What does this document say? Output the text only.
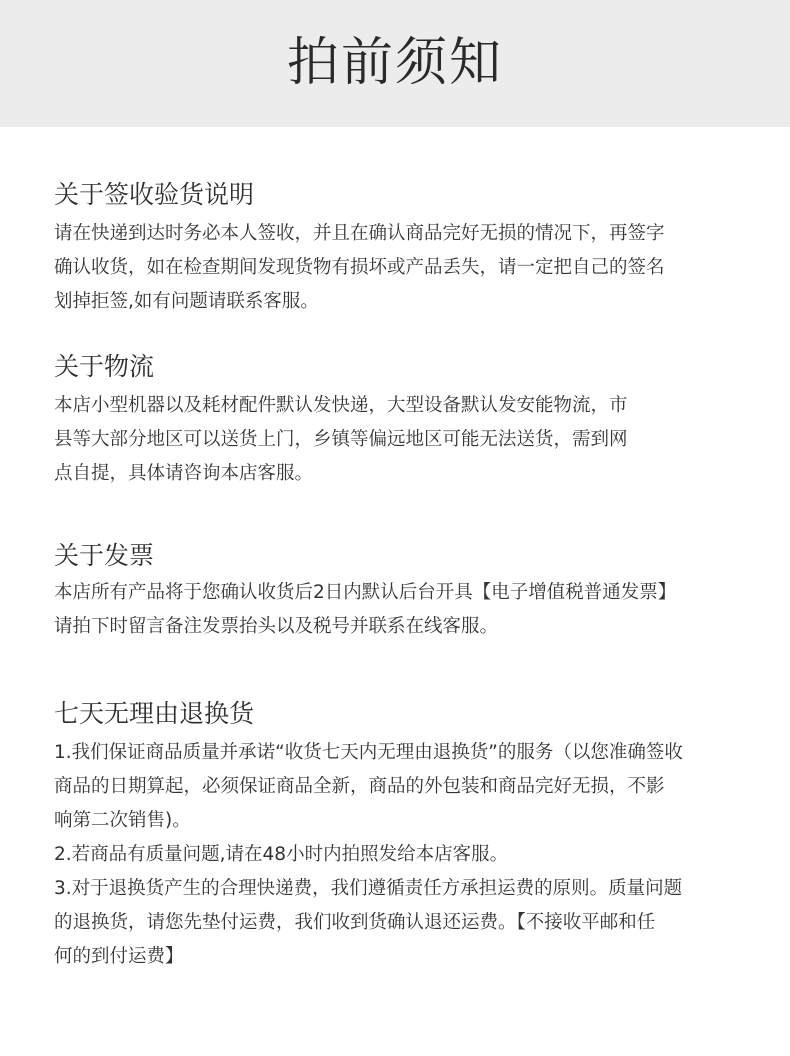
拍前须知
关于签收验货说明

请在快递到达时务必本人签收，并且在确认商品完好无损的情况下，再签字
确认收货，如在检查期间发现货物有损坏或产品丢失，请一定把自己的签名
划掉拒签,如有问题请联系客服。

关于物流

本店小型机器以及耗材配件默认发快递，大型设备默认发安能物流，市
县等大部分地区可以送货上门，乡镇等偏远地区可能无法送货，需到网
点自提，具体请咨询本店客服。

关于发票

本店所有产品将于您确认收货后2日内默认后台开具【电子增值税普通发票】
请拍下时留言备注发票抬头以及税号并联系在线客服。

七天无理由退换货

1.我们保证商品质量并承诺“收货七天内无理由退换货”的服务（以您准确签收
商品的日期算起，必须保证商品全新，商品的外包装和商品完好无损，不影
响第二次销售)。
2.若商品有质量问题,请在48小时内拍照发给本店客服。
3.对于退换货产生的合理快递费，我们遵循责任方承担运费的原则。质量问题
的退换货，请您先垫付运费，我们收到货确认退还运费。【不接收平邮和任
何的到付运费】
